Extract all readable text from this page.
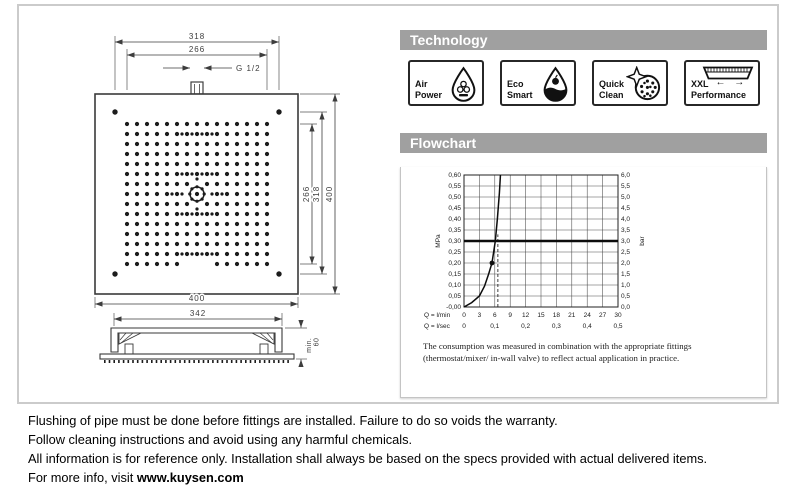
318
266
G 1/2
266 318 400
400
342
min. 60
Technology
Air
Power
Eco
Smart
Quick
Clean
XXL ← →
Performance
Flowchart
0,60	6,0
0,55	5,5
0,50	5,0
0,45	4,5
0,40	4,0
0,35	3,5
0,30	3,0
0,25	2,5
0,20	2,0
0,15	1,5
0,10	1,0
0,05	0,5
-0,00	0,0
0 3 6 9 12 15 18 21 24 27 30
0	0,1	0,2	0,3	0,4	0,5
Q = l/min
Q = l/sec
MPa	bar

The consumption was measured in combination with the appropriate fittings (thermostat/mixer/ in-wall valve) to reflect actual application in practice.

Flushing of pipe must be done before fittings are installed. Failure to do so voids the warranty.

Follow cleaning instructions and avoid using any harmful chemicals.

All information is for reference only. Installation shall always be based on the specs provided with actual delivered items.

For more info, visit www.kuysen.com
